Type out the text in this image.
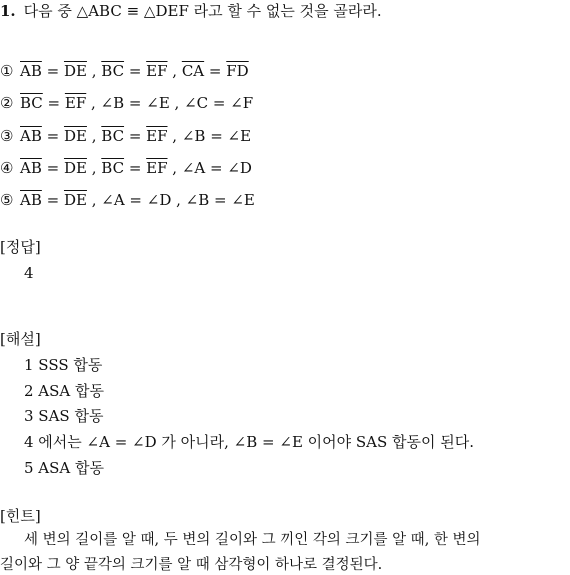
1. 다음 중 △ABC ≡ △DEF 라고 할 수 없는 것을 골라라.
① $\overline{AB} = \overline{DE}$ , $\overline{BC} = \overline{EF}$ , $\overline{CA} = \overline{FD}$
② $\overline{BC} = \overline{EF}$ , ∠B = ∠E , ∠C = ∠F
③ $\overline{AB} = \overline{DE}$ , $\overline{BC} = \overline{EF}$ , ∠B = ∠E
④ $\overline{AB} = \overline{DE}$ , $\overline{BC} = \overline{EF}$ , ∠A = ∠D
⑤ $\overline{AB} = \overline{DE}$ , ∠A = ∠D , ∠B = ∠E
[정답]
4
[해설]
1 SSS 합동
2 ASA 합동
3 SAS 합동
4 에서는 ∠A = ∠D 가 아니라, ∠B = ∠E 이어야 SAS 합동이 된다.
5 ASA 합동
[힌트]
세 변의 길이를 알 때, 두 변의 길이와 그 끼인 각의 크기를 알 때, 한 변의
길이와 그 양 끝각의 크기를 알 때 삼각형이 하나로 결정된다.
